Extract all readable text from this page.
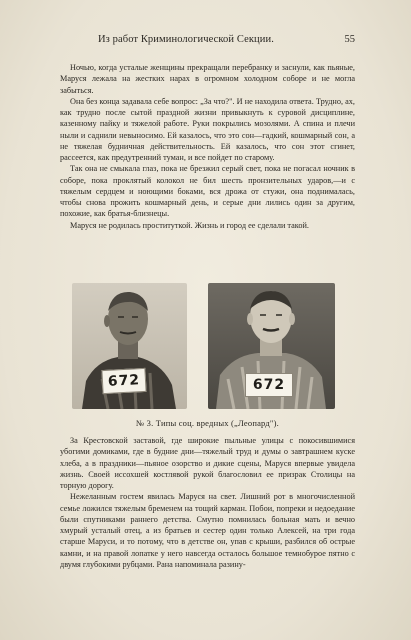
Из работ Криминологической Секции.	55

Ночью, когда усталые женщины прекращали перебранку и заснули, как пьяные, Маруся лежала на жестких нарах в огромном холодном соборе и не могла забыться.

Она без конца задавала себе вопрос: „За что?". И не находила ответа. Трудно, ах, как трудно после сытой праздной жизни привыкнуть к суровой дисциплине, казенному пайку и тяжелой работе. Руки покрылись мозолями. А спина и плечи ныли и саднили невыносимо. Ей казалось, что это сон—гадкий, кошмарный сон, а не тяжелая будничная действительность. Ей казалось, что сон этот сгинет, рассеется, как предутренний туман, и все пойдет по старому.

Так она не смыкала глаз, пока не брезжил серый свет, пока не погасал ночник в соборе, пока проклятый колокол не бил шесть пронзительных ударов,—и с тяжелым сердцем и ноющими боками, вся дрожа от стужи, она поднималась, чтобы снова прожить кошмарный день, и серые дни лились один за другим, похожие, как братья-близнецы.

Маруся не родилась проституткой. Жизнь и город ее сделали такой.

672	672
№ 3. Типы соц. вредных („Леопард").

За Крестовской заставой, где широкие пыльные улицы с покосившимися убогими домиками, где в будние дни—тяжелый труд и думы о завтрашнем куске хлеба, а в праздники—пьяное озорство и дикие сцены, Маруся впервые увидела жизнь. Своей иссохшей костлявой рукой благословил ее призрак Столицы на торную дорогу.

Нежеланным гостем явилась Маруся на свет. Лишний рот в многочисленной семье ложился тяжелым бременем на тощий карман. Побои, попреки и недоедание были спутниками раннего детства. Смутно помнилась больная мать и вечно хмурый усталый отец, а из братьев и сестер один только Алексей, на три года старше Маруси, и то потому, что в детстве он, упав с крыши, разбился об острые камни, и на правой лопатке у него навсегда осталось большое темнобурое пятно с двумя глубокими рубцами. Рана напоминала разину-
